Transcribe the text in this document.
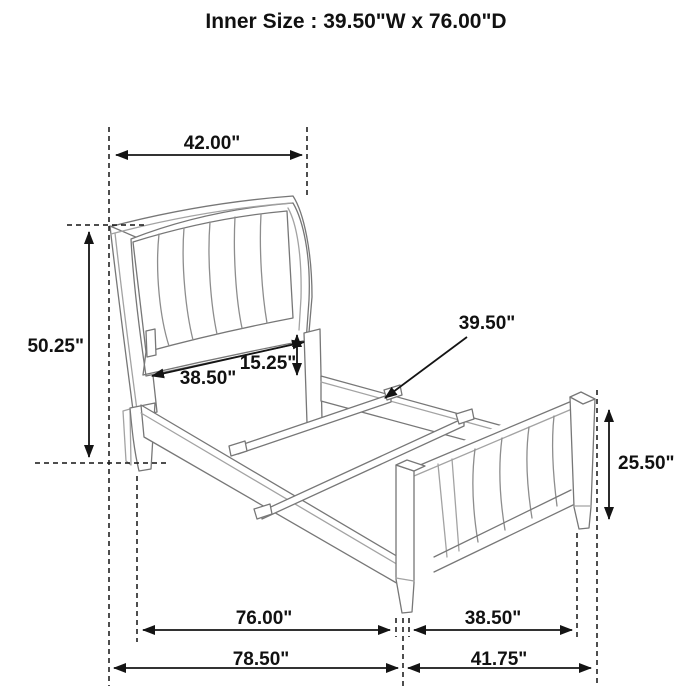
Inner Size : 39.50"W x 76.00"D
42.00"
50.25"
15.25"
38.50"
39.50"
25.50"
76.00"	38.50"
78.50"	41.75"
